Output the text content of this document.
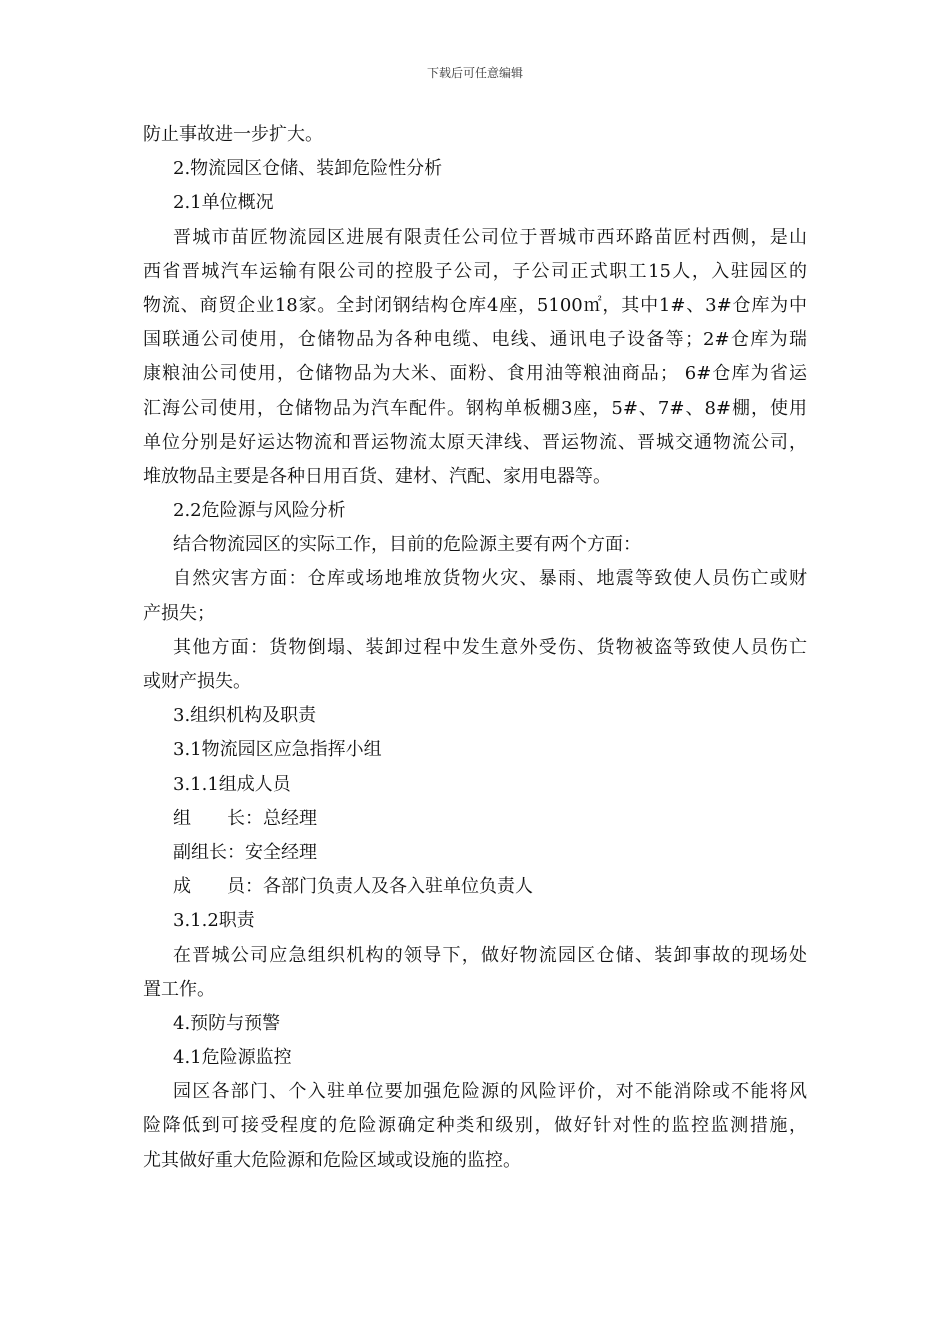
下载后可任意编辑
防止事故进一步扩大。
2.物流园区仓储、装卸危险性分析
2.1单位概况
晋城市苗匠物流园区进展有限责任公司位于晋城市西环路苗匠村西侧，是山
西省晋城汽车运输有限公司的控股子公司，子公司正式职工15人，入驻园区的
物流、商贸企业18家。全封闭钢结构仓库4座，5100㎡，其中1#、3#仓库为中
国联通公司使用，仓储物品为各种电缆、电线、通讯电子设备等；2#仓库为瑞
康粮油公司使用，仓储物品为大米、面粉、食用油等粮油商品； 6#仓库为省运
汇海公司使用，仓储物品为汽车配件。钢构单板棚3座，5#、7#、8#棚，使用
单位分别是好运达物流和晋运物流太原天津线、晋运物流、晋城交通物流公司，
堆放物品主要是各种日用百货、建材、汽配、家用电器等。
2.2危险源与风险分析
结合物流园区的实际工作，目前的危险源主要有两个方面：
自然灾害方面：仓库或场地堆放货物火灾、暴雨、地震等致使人员伤亡或财
产损失；
其他方面：货物倒塌、装卸过程中发生意外受伤、货物被盗等致使人员伤亡
或财产损失。
3.组织机构及职责
3.1物流园区应急指挥小组
3.1.1组成人员
组　　长：总经理
副组长：安全经理
成　　员：各部门负责人及各入驻单位负责人
3.1.2职责
在晋城公司应急组织机构的领导下，做好物流园区仓储、装卸事故的现场处
置工作。
4.预防与预警
4.1危险源监控
园区各部门、个入驻单位要加强危险源的风险评价，对不能消除或不能将风
险降低到可接受程度的危险源确定种类和级别，做好针对性的监控监测措施，
尤其做好重大危险源和危险区域或设施的监控。
